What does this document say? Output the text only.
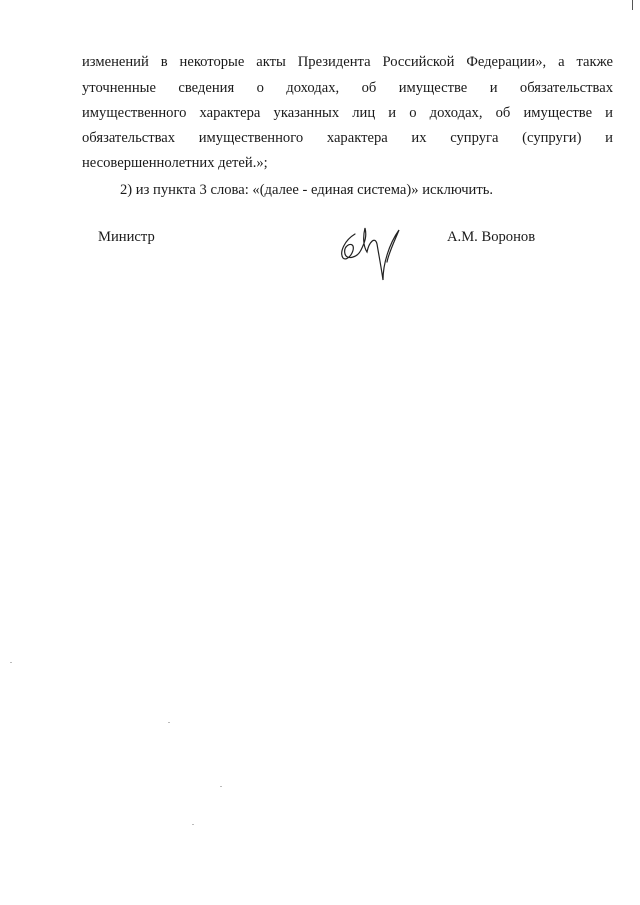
изменений в некоторые акты Президента Российской Федерации», а также
уточненные сведения о доходах, об имуществе и обязательствах
имущественного характера указанных лиц и о доходах, об имуществе и
обязательствах имущественного характера их супруга (супруги) и
несовершеннолетних детей.»;
2) из пункта 3 слова: «(далее - единая система)» исключить.
Министр	А.М. Воронов
